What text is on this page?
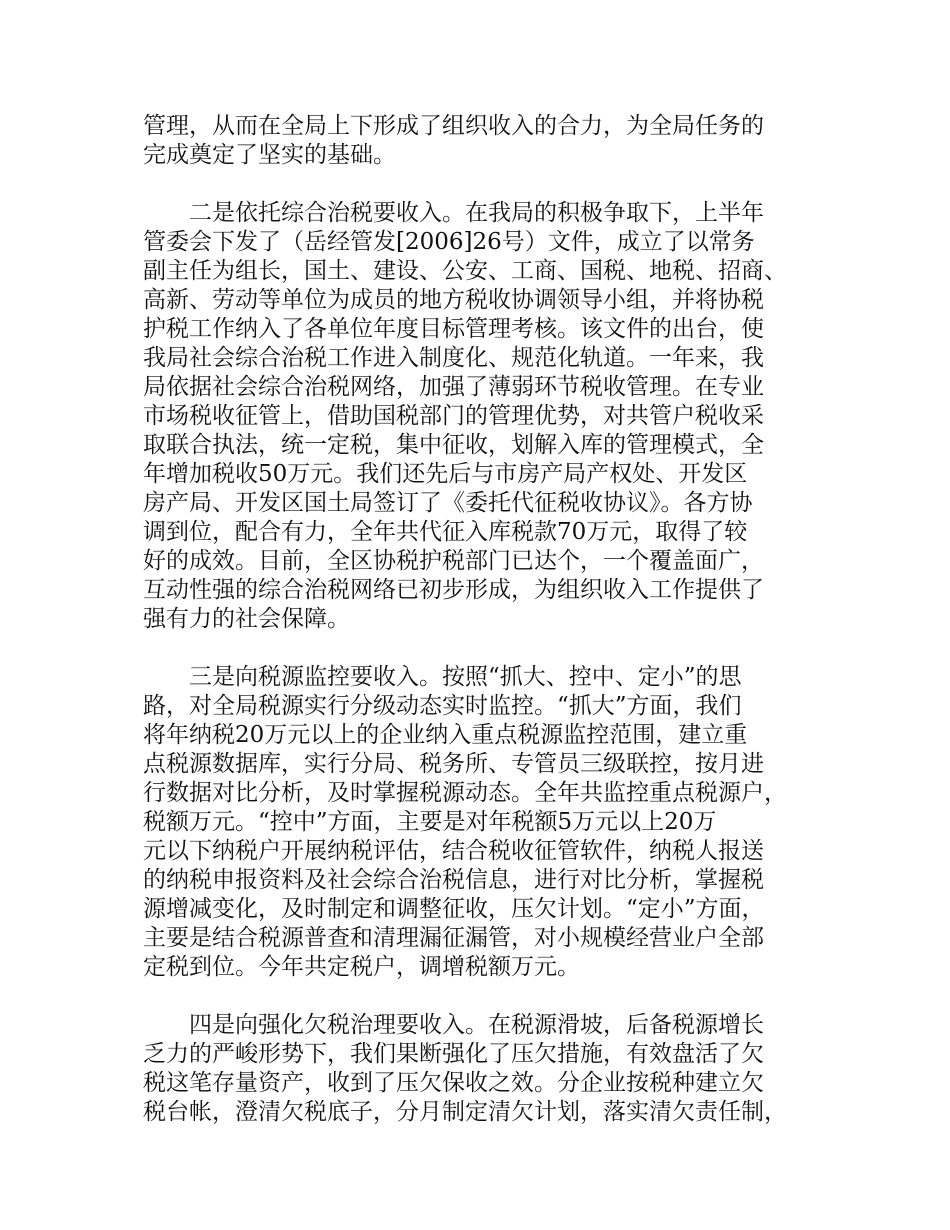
管理，从而在全局上下形成了组织收入的合力，为全局任务的
完成奠定了坚实的基础。
二是依托综合治税要收入。在我局的积极争取下，上半年
管委会下发了（岳经管发[2006]26号）文件，成立了以常务
副主任为组长，国土、建设、公安、工商、国税、地税、招商、
高新、劳动等单位为成员的地方税收协调领导小组，并将协税
护税工作纳入了各单位年度目标管理考核。该文件的出台，使
我局社会综合治税工作进入制度化、规范化轨道。一年来，我
局依据社会综合治税网络，加强了薄弱环节税收管理。在专业
市场税收征管上，借助国税部门的管理优势，对共管户税收采
取联合执法，统一定税，集中征收，划解入库的管理模式，全
年增加税收50万元。我们还先后与市房产局产权处、开发区
房产局、开发区国土局签订了《委托代征税收协议》。各方协
调到位，配合有力，全年共代征入库税款70万元，取得了较
好的成效。目前，全区协税护税部门已达个，一个覆盖面广，
互动性强的综合治税网络已初步形成，为组织收入工作提供了
强有力的社会保障。
三是向税源监控要收入。按照“抓大、控中、定小”的思
路，对全局税源实行分级动态实时监控。“抓大”方面，我们
将年纳税20万元以上的企业纳入重点税源监控范围，建立重
点税源数据库，实行分局、税务所、专管员三级联控，按月进
行数据对比分析，及时掌握税源动态。全年共监控重点税源户，
税额万元。“控中”方面，主要是对年税额5万元以上20万
元以下纳税户开展纳税评估，结合税收征管软件，纳税人报送
的纳税申报资料及社会综合治税信息，进行对比分析，掌握税
源增减变化，及时制定和调整征收，压欠计划。“定小”方面，
主要是结合税源普查和清理漏征漏管，对小规模经营业户全部
定税到位。今年共定税户，调增税额万元。
四是向强化欠税治理要收入。在税源滑坡，后备税源增长
乏力的严峻形势下，我们果断强化了压欠措施，有效盘活了欠
税这笔存量资产，收到了压欠保收之效。分企业按税种建立欠
税台帐，澄清欠税底子，分月制定清欠计划，落实清欠责任制，
